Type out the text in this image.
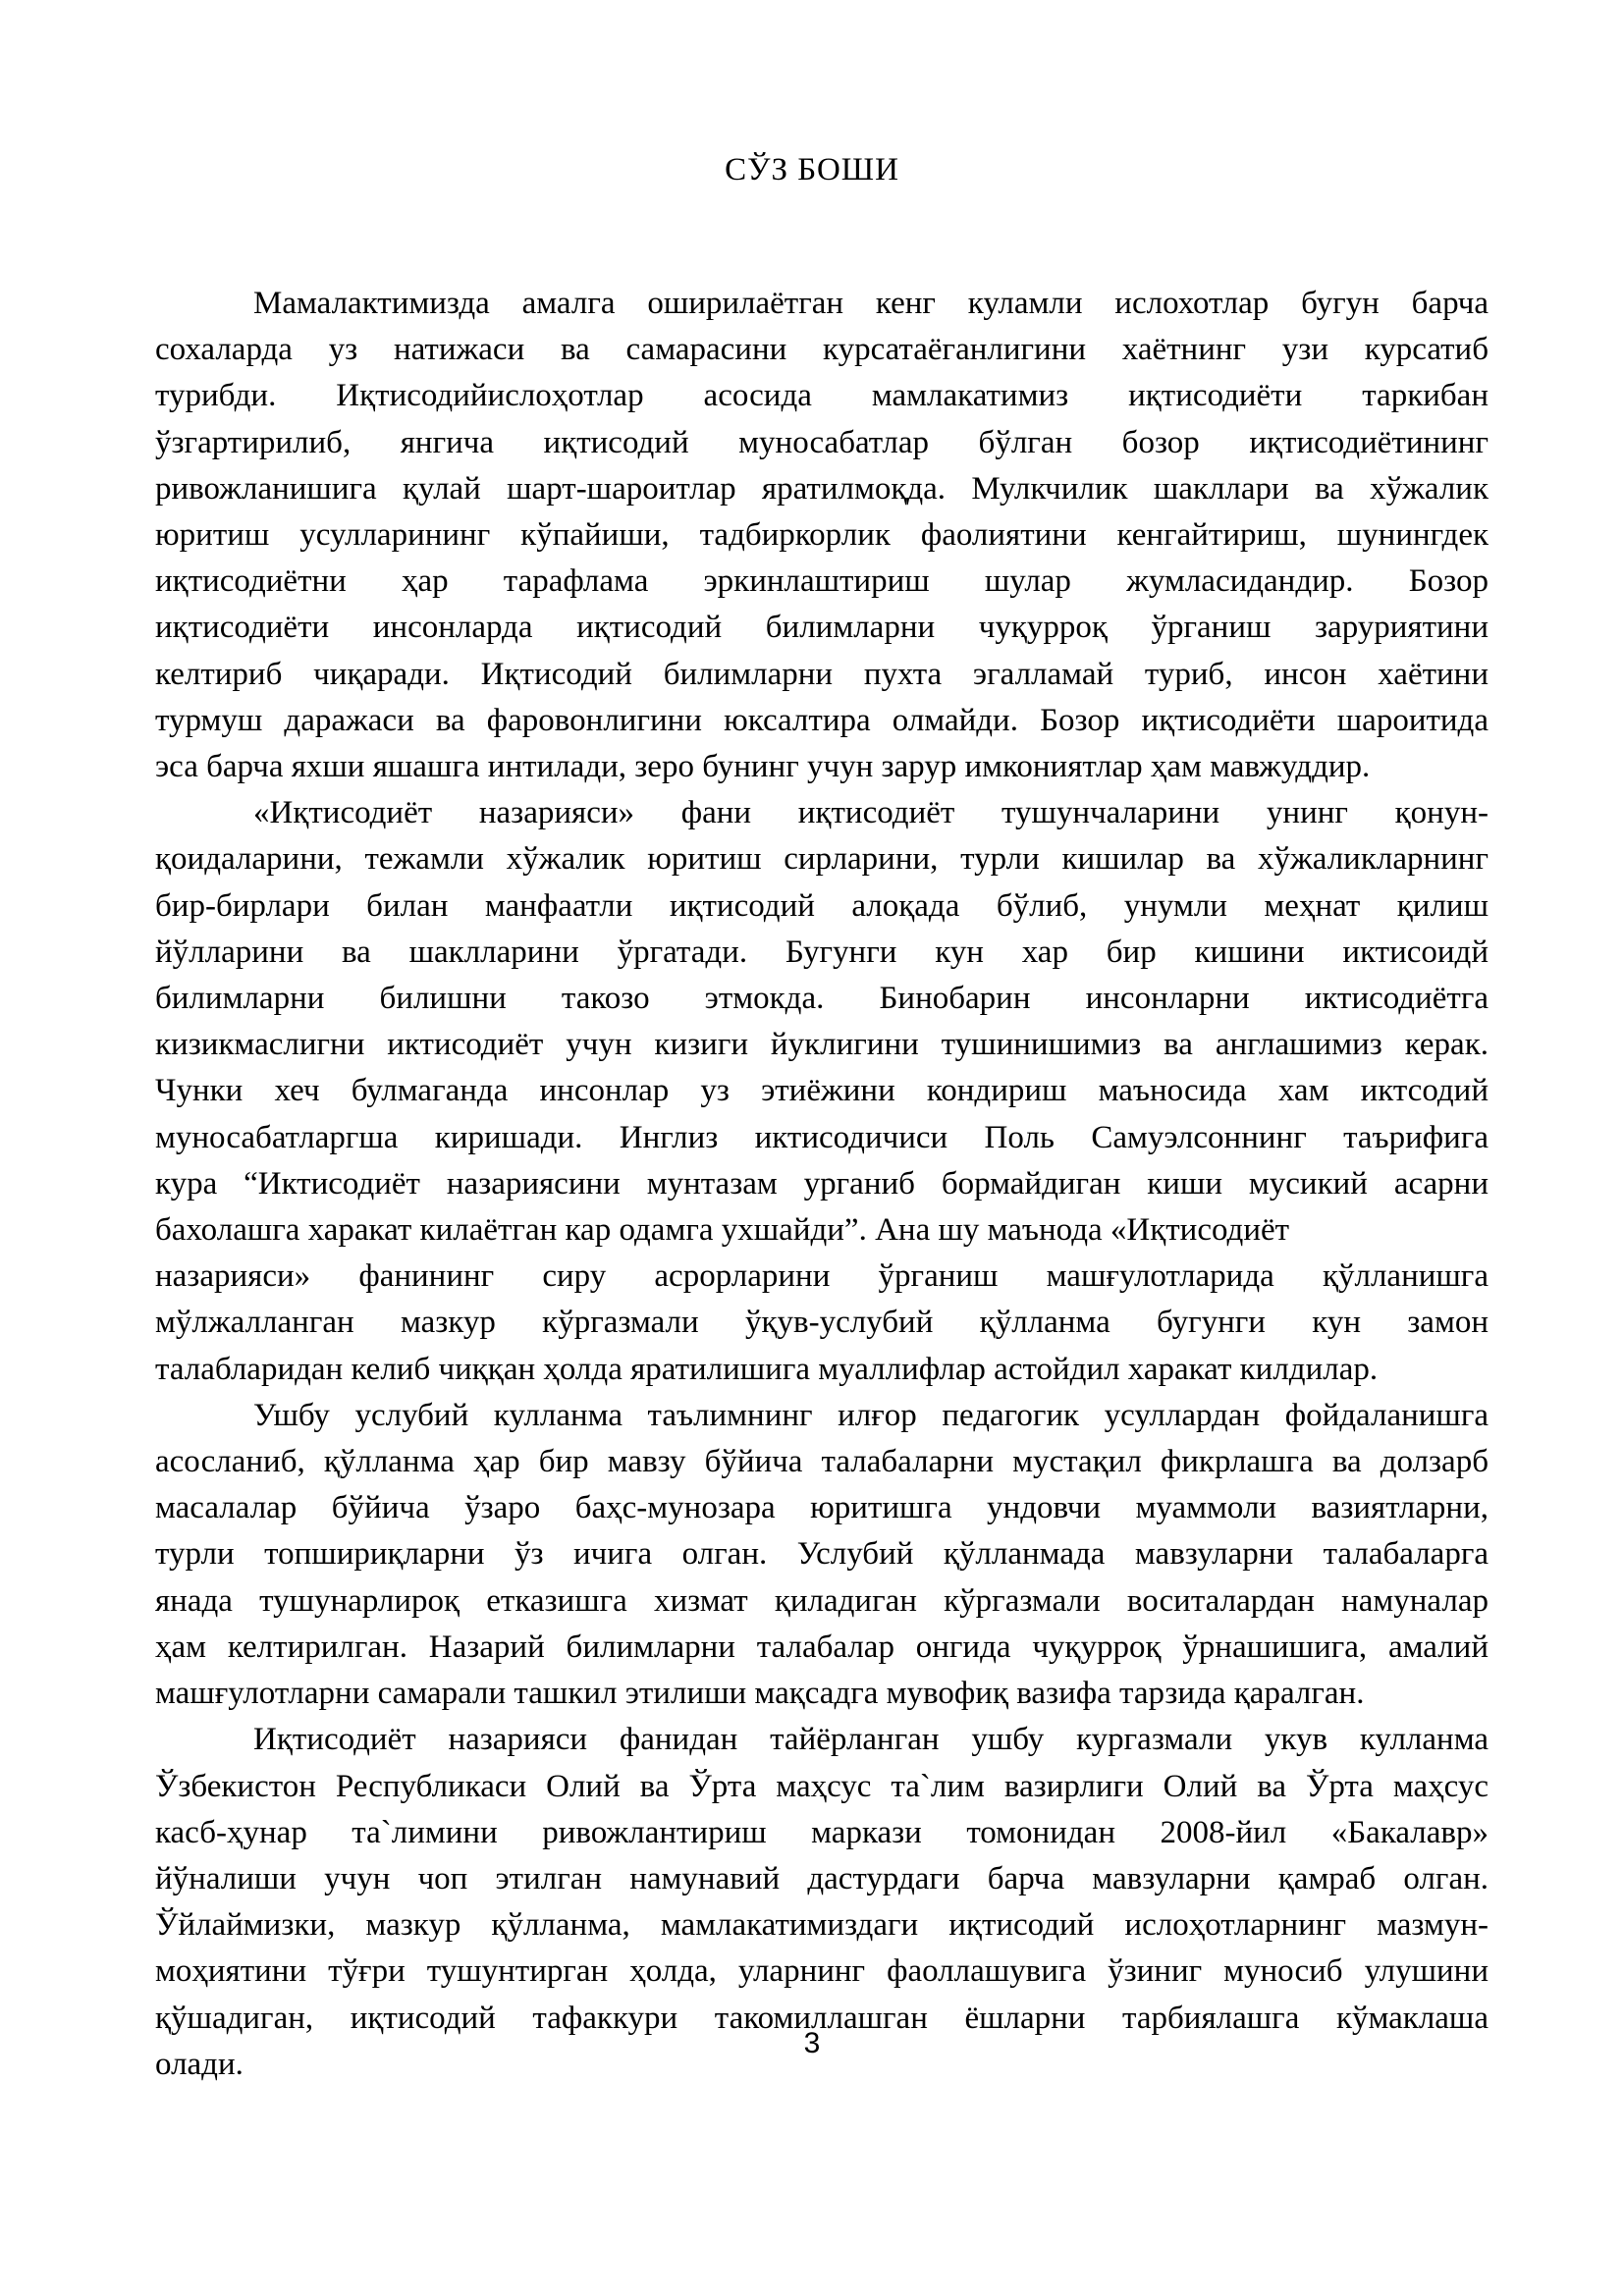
СЎЗ БОШИ

Мамалактимизда амалга оширилаётган кенг куламли ислохотлар бугун барча
сохаларда уз натижаси ва самарасини курсатаёганлигини хаётнинг узи курсатиб
турибди. Иқтисодийислоҳотлар асосида мамлакатимиз иқтисодиёти таркибан
ўзгартирилиб, янгича иқтисодий муносабатлар бўлган бозор иқтисодиётининг
ривожланишига қулай шарт-шароитлар яратилмоқда. Мулкчилик шакллари ва хўжалик
юритиш усулларининг кўпайиши, тадбиркорлик фаолиятини кенгайтириш, шунингдек
иқтисодиётни ҳар тарафлама эркинлаштириш шулар жумласидандир. Бозор
иқтисодиёти инсонларда иқтисодий билимларни чуқурроқ ўрганиш заруриятини
келтириб чиқаради. Иқтисодий билимларни пухта эгалламай туриб, инсон хаётини
турмуш даражаси ва фаровонлигини юксалтира олмайди. Бозор иқтисодиёти шароитида
эса барча яхши яшашга интилади, зеро бунинг учун зарур имкониятлар ҳам мавжуддир.

«Иқтисодиёт назарияси» фани иқтисодиёт тушунчаларини унинг қонун-
қоидаларини, тежамли хўжалик юритиш сирларини, турли кишилар ва хўжаликларнинг
бир-бирлари билан манфаатли иқтисодий алоқада бўлиб, унумли меҳнат қилиш
йўлларини ва шаклларини ўргатади. Бугунги кун хар бир кишини иктисоидй
билимларни билишни такозо этмокда. Бинобарин инсонларни иктисодиётга
кизикмаслигни иктисодиёт учун кизиги йуклигини тушинишимиз ва англашимиз керак.
Чунки хеч булмаганда инсонлар уз этиёжини кондириш маъносида хам иктсодий
муносабатларгша киришади. Инглиз иктисодичиси Поль Самуэлсоннинг таърифига
кура “Иктисодиёт назариясини мунтазам урганиб бормайдиган киши мусикий асарни
бахолашга харакат килаётган кар одамга ухшайди”. Ана шу маънода «Иқтисодиёт
назарияси» фанининг сиру асрорларини ўрганиш машғулотларида қўлланишга
мўлжалланган мазкур кўргазмали ўқув-услубий қўлланма бугунги кун замон
талабларидан келиб чиққан ҳолда яратилишига муаллифлар астойдил харакат килдилар.

Ушбу услубий кулланма таълимнинг илғор педагогик усуллардан фойдаланишга
асосланиб, қўлланма ҳар бир мавзу бўйича талабаларни мустақил фикрлашга ва долзарб
масалалар бўйича ўзаро баҳс-мунозара юритишга ундовчи муаммоли вазиятларни,
турли топшириқларни ўз ичига олган. Услубий қўлланмада мавзуларни талабаларга
янада тушунарлироқ етказишга хизмат қиладиган кўргазмали воситалардан намуналар
ҳам келтирилган. Назарий билимларни талабалар онгида чуқурроқ ўрнашишига, амалий
машғулотларни самарали ташкил этилиши мақсадга мувофиқ вазифа тарзида қаралган.

Иқтисодиёт назарияси фанидан тайёрланган ушбу кургазмали укув кулланма
Ўзбекистон Республикаси Олий ва Ўрта маҳсус та`лим вазирлиги Олий ва Ўрта маҳсус
касб-ҳунар та`лимини ривожлантириш маркази томонидан 2008-йил «Бакалавр»
йўналиши учун чоп этилган намунавий дастурдаги барча мавзуларни қамраб олган.
Ўйлаймизки, мазкур қўлланма, мамлакатимиздаги иқтисодий ислоҳотларнинг мазмун-
моҳиятини тўғри тушунтирган ҳолда, уларнинг фаоллашувига ўзиниг муносиб улушини
қўшадиган, иқтисодий тафаккури такомиллашган ёшларни тарбиялашга кўмаклаша
олади.

3
